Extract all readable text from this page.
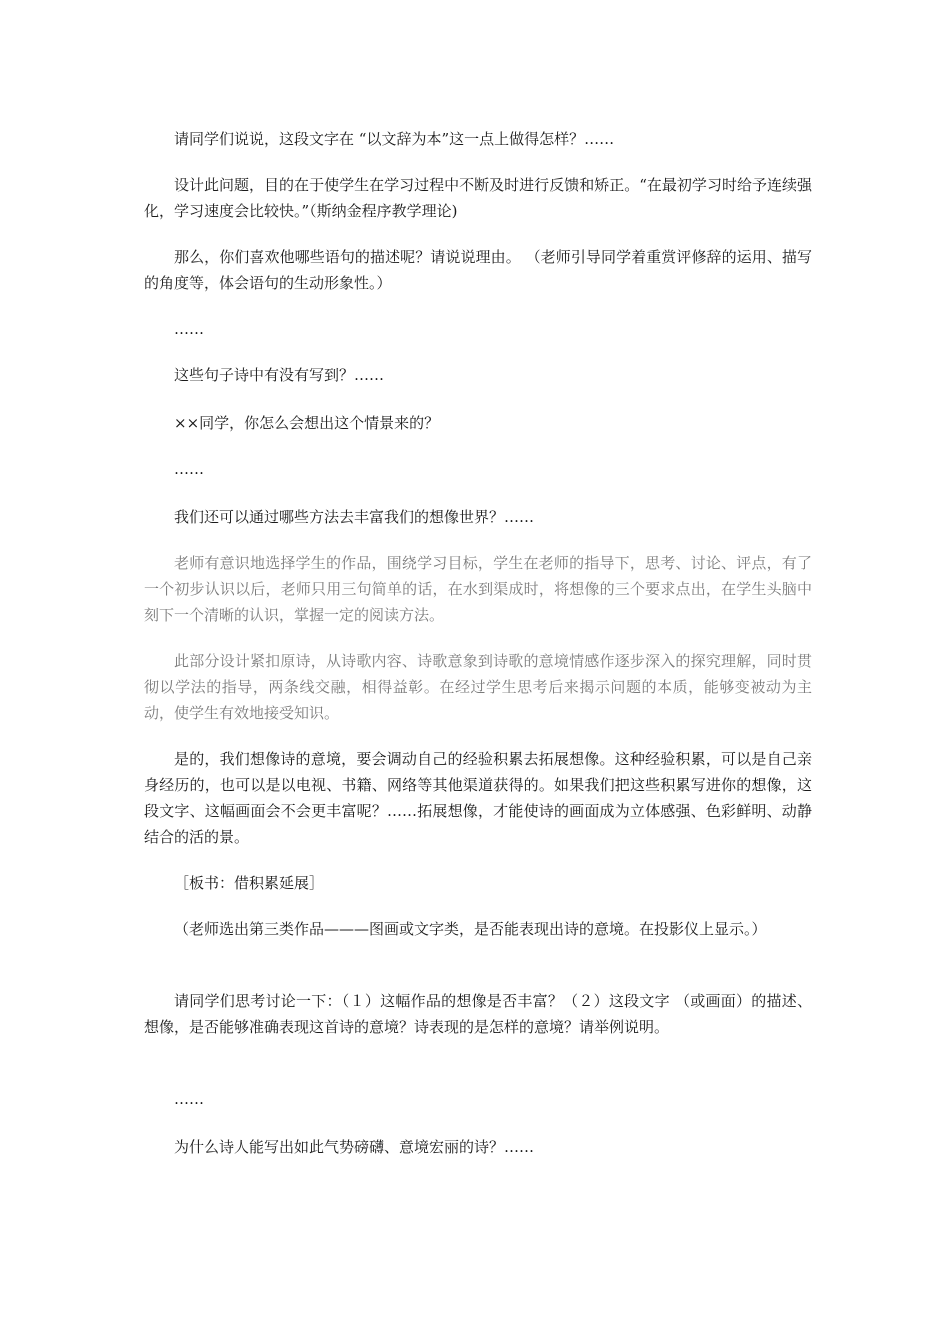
请同学们说说，这段文字在 “以文辞为本”这一点上做得怎样？……

设计此问题，目的在于使学生在学习过程中不断及时进行反馈和矫正。“在最初学习时给予连续强化，学习速度会比较快。”（斯纳金程序教学理论)

那么，你们喜欢他哪些语句的描述呢？请说说理由。 （老师引导同学着重赏评修辞的运用、描写的角度等，体会语句的生动形象性。）

……

这些句子诗中有没有写到？……

××同学，你怎么会想出这个情景来的？

……

我们还可以通过哪些方法去丰富我们的想像世界？……

老师有意识地选择学生的作品，围绕学习目标，学生在老师的指导下，思考、讨论、评点，有了一个初步认识以后，老师只用三句简单的话，在水到渠成时，将想像的三个要求点出，在学生头脑中刻下一个清晰的认识，掌握一定的阅读方法。

此部分设计紧扣原诗，从诗歌内容、诗歌意象到诗歌的意境情感作逐步深入的探究理解，同时贯彻以学法的指导，两条线交融，相得益彰。在经过学生思考后来揭示问题的本质，能够变被动为主动，使学生有效地接受知识。

是的，我们想像诗的意境，要会调动自己的经验积累去拓展想像。这种经验积累，可以是自己亲身经历的，也可以是以电视、书籍、网络等其他渠道获得的。如果我们把这些积累写进你的想像，这段文字、这幅画面会不会更丰富呢？……拓展想像，才能使诗的画面成为立体感强、色彩鲜明、动静结合的活的景。

［板书：借积累延展］

（老师选出第三类作品———图画或文字类，是否能表现出诗的意境。在投影仪上显示。）

请同学们思考讨论一下：（１）这幅作品的想像是否丰富？（２）这段文字 （或画面）的描述、想像，是否能够准确表现这首诗的意境？诗表现的是怎样的意境？请举例说明。

……

为什么诗人能写出如此气势磅礴、意境宏丽的诗？……
